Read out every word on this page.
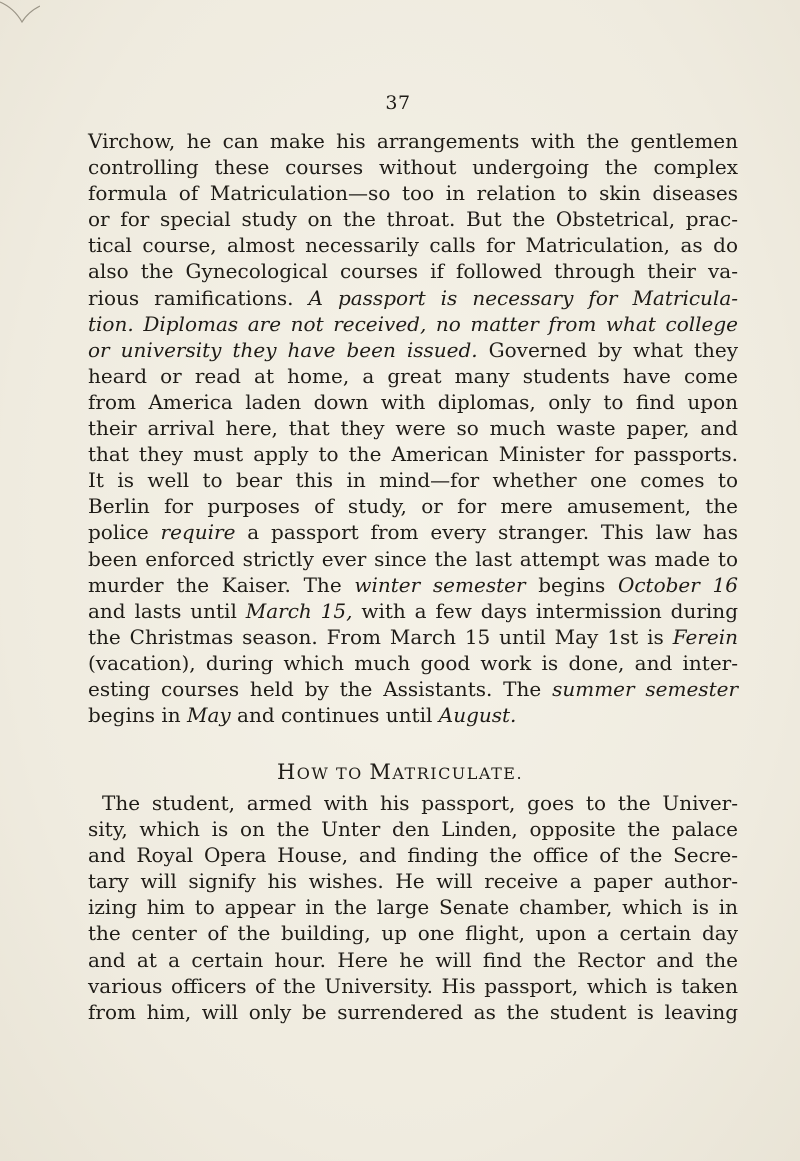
37
Virchow, he can make his arrangements with the gentlemen
controlling these courses without undergoing the complex
formula of Matriculation—so too in relation to skin diseases
or for special study on the throat. But the Obstetrical, prac-
tical course, almost necessarily calls for Matriculation, as do
also the Gynecological courses if followed through their va-
rious ramifications. A passport is necessary for Matricula-
tion. Diplomas are not received, no matter from what college
or university they have been issued. Governed by what they
heard or read at home, a great many students have come
from America laden down with diplomas, only to find upon
their arrival here, that they were so much waste paper, and
that they must apply to the American Minister for passports.
It is well to bear this in mind—for whether one comes to
Berlin for purposes of study, or for mere amusement, the
police require a passport from every stranger. This law has
been enforced strictly ever since the last attempt was made to
murder the Kaiser. The winter semester begins October 16
and lasts until March 15, with a few days intermission during
the Christmas season. From March 15 until May 1st is Ferein
(vacation), during which much good work is done, and inter-
esting courses held by the Assistants. The summer semester
begins in May and continues until August.
HOW TO MATRICULATE.
The student, armed with his passport, goes to the Univer-
sity, which is on the Unter den Linden, opposite the palace
and Royal Opera House, and finding the office of the Secre-
tary will signify his wishes. He will receive a paper author-
izing him to appear in the large Senate chamber, which is in
the center of the building, up one flight, upon a certain day
and at a certain hour. Here he will find the Rector and the
various officers of the University. His passport, which is taken
from him, will only be surrendered as the student is leaving
